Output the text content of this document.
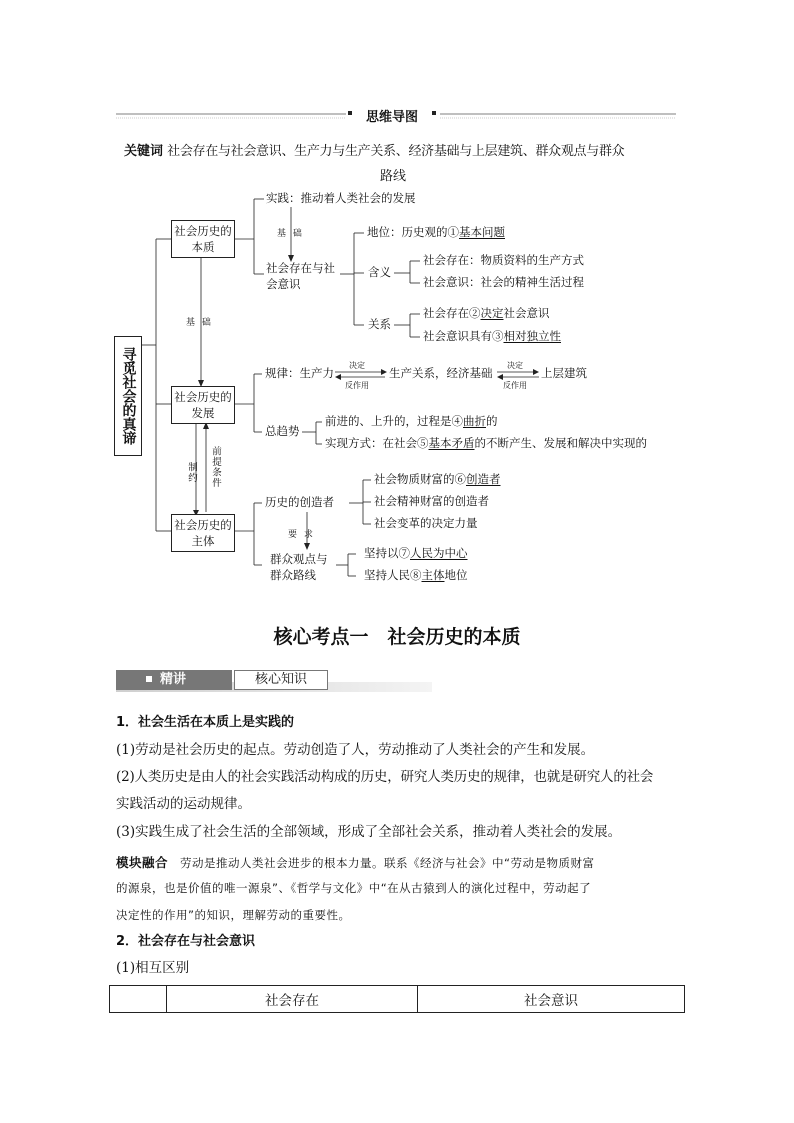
思维导图
关键词 社会存在与社会意识、生产力与生产关系、经济基础与上层建筑、群众观点与群众
路线
寻觅社会的真谛
社会历史的本质
社会历史的发展
社会历史的主体
基 础
基 础
制约 前提条件
要 求
实践：推动着人类社会的发展
社会存在与社会意识
地位：历史观的①基本问题
含义
社会存在：物质资料的生产方式
社会意识：社会的精神生活过程
关系
社会存在②决定社会意识
社会意识具有③相对独立性
规律：生产力
决定
反作用
生产关系，经济基础
决定
反作用
上层建筑
总趋势
前进的、上升的，过程是④曲折的
实现方式：在社会⑤基本矛盾的不断产生、发展和解决中实现的
历史的创造者
社会物质财富的⑥创造者
社会精神财富的创造者
社会变革的决定力量
群众观点与群众路线
坚持以⑦人民为中心
坚持人民⑧主体地位
核心考点一　社会历史的本质
精讲	核心知识
1．社会生活在本质上是实践的
(1)劳动是社会历史的起点。劳动创造了人，劳动推动了人类社会的产生和发展。
(2)人类历史是由人的社会实践活动构成的历史，研究人类历史的规律，也就是研究人的社会
实践活动的运动规律。
(3)实践生成了社会生活的全部领域，形成了全部社会关系，推动着人类社会的发展。
模块融合 劳动是推动人类社会进步的根本力量。联系《经济与社会》中“劳动是物质财富
的源泉，也是价值的唯一源泉”、《哲学与文化》中“在从古猿到人的演化过程中，劳动起了
决定性的作用”的知识，理解劳动的重要性。
2．社会存在与社会意识
(1)相互区别
	社会存在	社会意识
